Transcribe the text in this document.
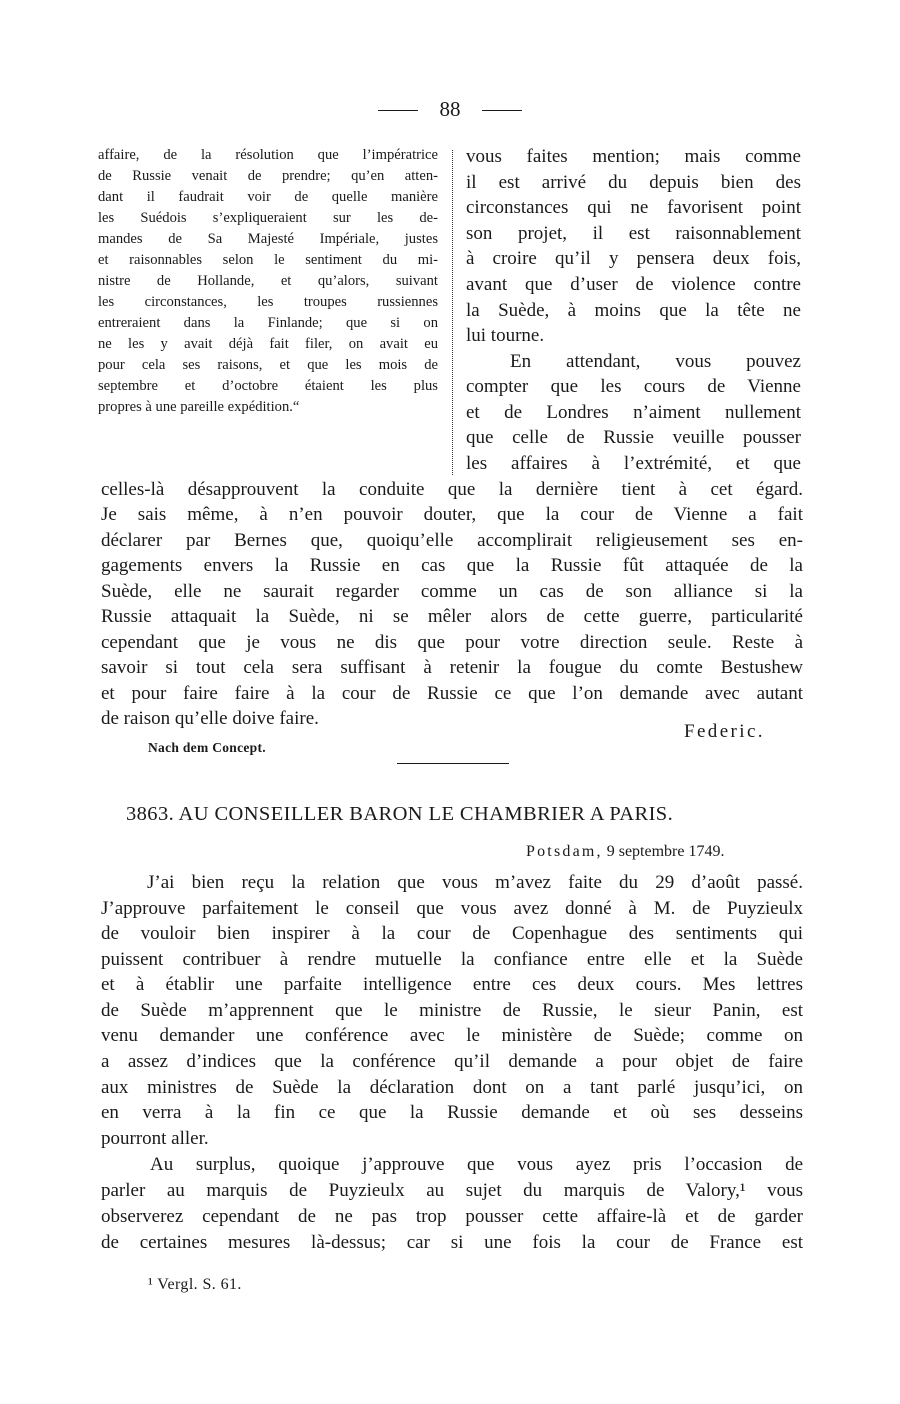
88
affaire, de la résolution que l’impératrice
de Russie venait de prendre; qu’en atten-
dant il faudrait voir de quelle manière
les Suédois s’expliqueraient sur les de-
mandes de Sa Majesté Impériale, justes
et raisonnables selon le sentiment du mi-
nistre de Hollande, et qu’alors, suivant
les circonstances, les troupes russiennes
entreraient dans la Finlande; que si on
ne les y avait déjà fait filer, on avait eu
pour cela ses raisons, et que les mois de
septembre et d’octobre étaient les plus
propres à une pareille expédition.“
vous faites mention; mais comme
il est arrivé du depuis bien des
circonstances qui ne favorisent point
son projet, il est raisonnablement
à croire qu’il y pensera deux fois,
avant que d’user de violence contre
la Suède, à moins que la tête ne
lui tourne.
En attendant, vous pouvez
compter que les cours de Vienne
et de Londres n’aiment nullement
que celle de Russie veuille pousser
les affaires à l’extrémité, et que
celles-là désapprouvent la conduite que la dernière tient à cet égard.
Je sais même, à n’en pouvoir douter, que la cour de Vienne a fait
déclarer par Bernes que, quoiqu’elle accomplirait religieusement ses en-
gagements envers la Russie en cas que la Russie fût attaquée de la
Suède, elle ne saurait regarder comme un cas de son alliance si la
Russie attaquait la Suède, ni se mêler alors de cette guerre, particularité
cependant que je vous ne dis que pour votre direction seule. Reste à
savoir si tout cela sera suffisant à retenir la fougue du comte Bestushew
et pour faire faire à la cour de Russie ce que l’on demande avec autant
de raison qu’elle doive faire.
Federic.
Nach dem Concept.
3863. AU CONSEILLER BARON LE CHAMBRIER A PARIS.
Potsdam, 9 septembre 1749.
J’ai bien reçu la relation que vous m’avez faite du 29 d’août passé.
J’approuve parfaitement le conseil que vous avez donné à M. de Puyzieulx
de vouloir bien inspirer à la cour de Copenhague des sentiments qui
puissent contribuer à rendre mutuelle la confiance entre elle et la Suède
et à établir une parfaite intelligence entre ces deux cours. Mes lettres
de Suède m’apprennent que le ministre de Russie, le sieur Panin, est
venu demander une conférence avec le ministère de Suède; comme on
a assez d’indices que la conférence qu’il demande a pour objet de faire
aux ministres de Suède la déclaration dont on a tant parlé jusqu’ici, on
en verra à la fin ce que la Russie demande et où ses desseins
pourront aller.
Au surplus, quoique j’approuve que vous ayez pris l’occasion de
parler au marquis de Puyzieulx au sujet du marquis de Valory,¹ vous
observerez cependant de ne pas trop pousser cette affaire-là et de garder
de certaines mesures là-dessus; car si une fois la cour de France est
¹ Vergl. S. 61.
